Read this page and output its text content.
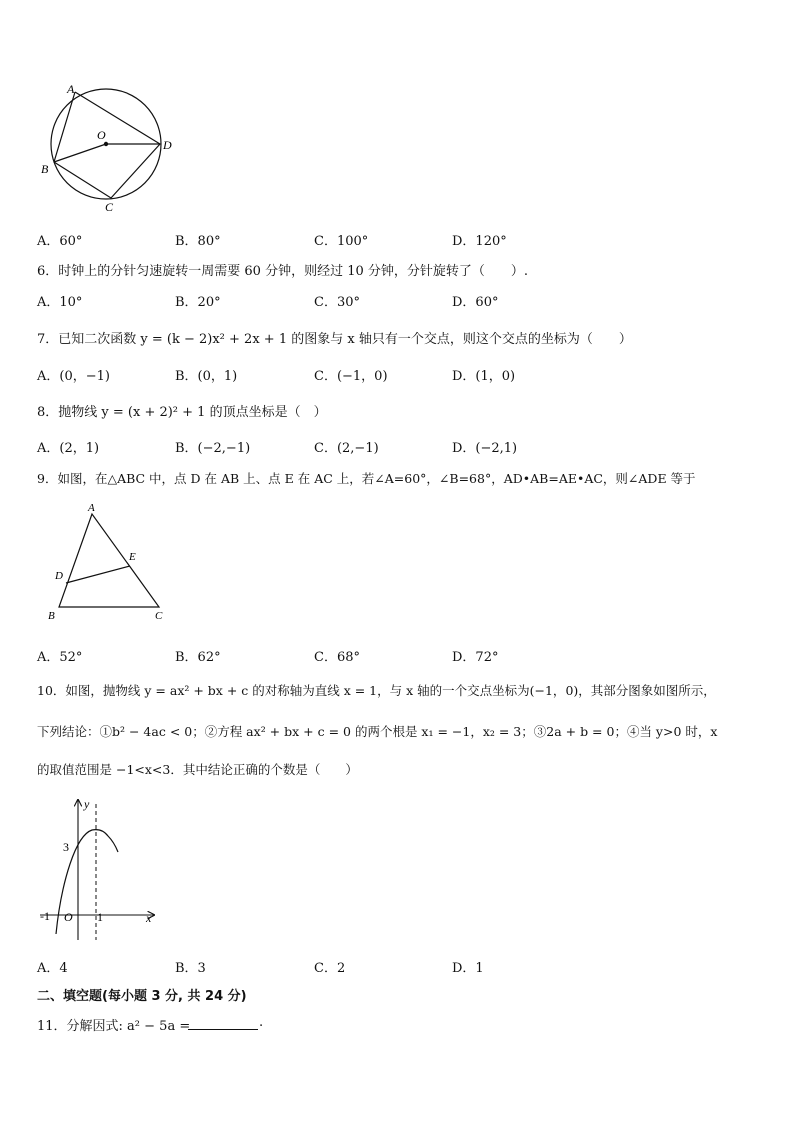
A
O
D
B
C
A．60°	B．80°	C．100°	D．120°
6．时钟上的分针匀速旋转一周需要 60 分钟，则经过 10 分钟，分针旋转了（　　）.
A．10°	B．20°	C．30°	D．60°
7．已知二次函数 y = (k − 2)x² + 2x + 1 的图象与 x 轴只有一个交点，则这个交点的坐标为（　　）
A．(0，−1)	B．(0，1)	C．(−1，0)	D．(1，0)
8．抛物线 y = (x + 2)² + 1 的顶点坐标是（　）
A．(2，1)	B．(−2,−1)	C．(2,−1)	D．(−2,1)
9．如图，在△ABC 中，点 D 在 AB 上、点 E 在 AC 上，若∠A=60°，∠B=68°，AD•AB=AE•AC，则∠ADE 等于
A
D
E
B	C
A．52°	B．62°	C．68°	D．72°
10．如图，抛物线 y = ax² + bx + c 的对称轴为直线 x = 1，与 x 轴的一个交点坐标为(−1，0)，其部分图象如图所示，
下列结论：①b² − 4ac < 0；②方程 ax² + bx + c = 0 的两个根是 x₁ = −1，x₂ = 3；③2a + b = 0；④当 y>0 时，x
的取值范围是 −1<x<3．其中结论正确的个数是（　　）
y
x
3
-1 O 1
A．4	B．3	C．2	D．1
二、填空题(每小题 3 分, 共 24 分)
11．分解因式: a² − 5a =	.
